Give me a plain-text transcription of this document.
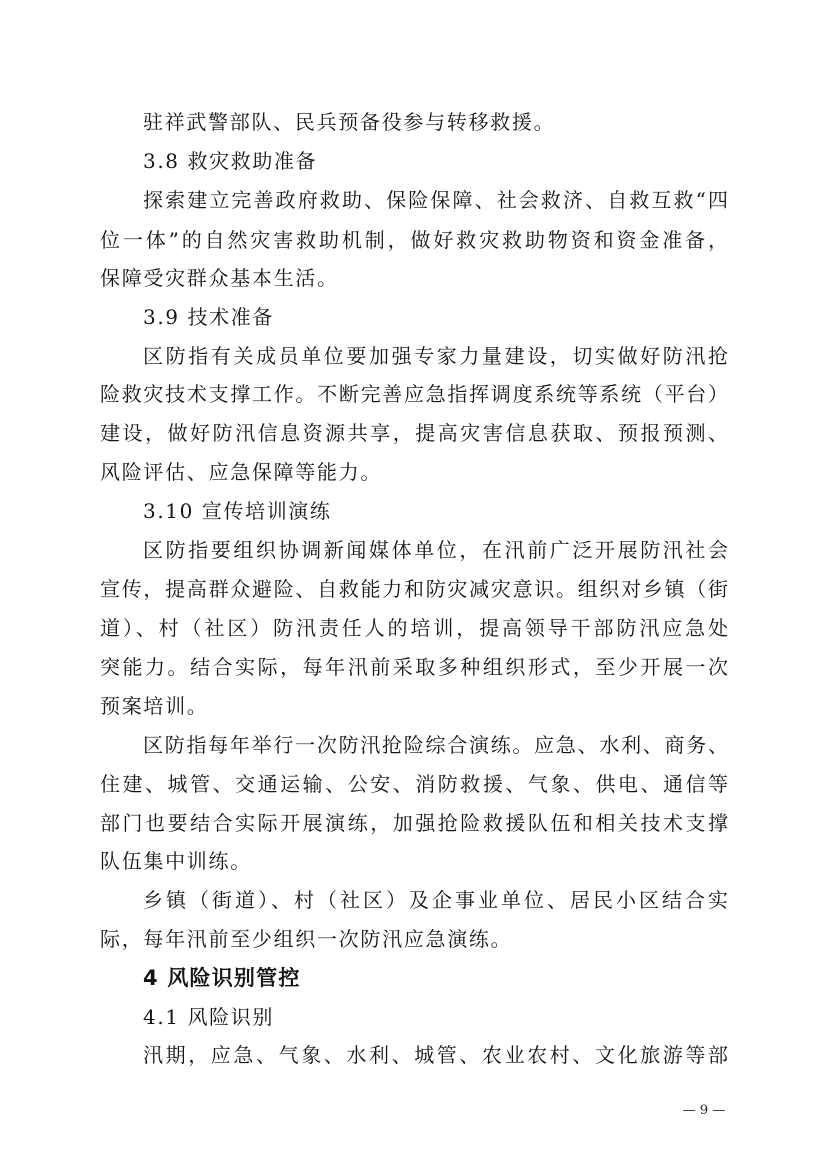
驻祥武警部队、民兵预备役参与转移救援。
3.8 救灾救助准备
探索建立完善政府救助、保险保障、社会救济、自救互救“四
位一体”的自然灾害救助机制，做好救灾救助物资和资金准备，
保障受灾群众基本生活。
3.9 技术准备
区防指有关成员单位要加强专家力量建设，切实做好防汛抢
险救灾技术支撑工作。不断完善应急指挥调度系统等系统（平台）
建设，做好防汛信息资源共享，提高灾害信息获取、预报预测、
风险评估、应急保障等能力。
3.10 宣传培训演练
区防指要组织协调新闻媒体单位，在汛前广泛开展防汛社会
宣传，提高群众避险、自救能力和防灾减灾意识。组织对乡镇（街
道）、村（社区）防汛责任人的培训，提高领导干部防汛应急处
突能力。结合实际，每年汛前采取多种组织形式，至少开展一次
预案培训。
区防指每年举行一次防汛抢险综合演练。应急、水利、商务、
住建、城管、交通运输、公安、消防救援、气象、供电、通信等
部门也要结合实际开展演练，加强抢险救援队伍和相关技术支撑
队伍集中训练。
乡镇（街道）、村（社区）及企事业单位、居民小区结合实
际，每年汛前至少组织一次防汛应急演练。
4 风险识别管控
4.1 风险识别
汛期，应急、气象、水利、城管、农业农村、文化旅游等部
— 9 —
